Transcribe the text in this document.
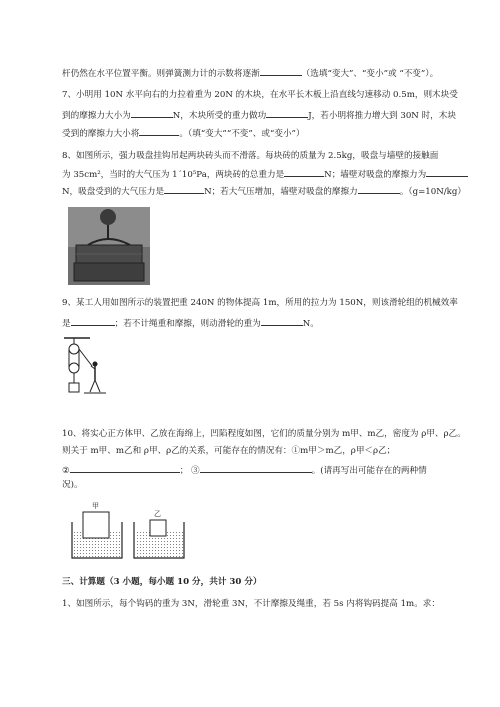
杆仍然在水平位置平衡。则弹簧测力计的示数将逐渐	（选填“变大”、“变小”或 “不变”）。
7、小明用 10N 水平向右的力拉着重为 20N 的木块，在水平长木板上沿直线匀速移动 0.5m，则木块受
到的摩擦力大小为	N，木块所受的重力做功	J，若小明将推力增大到 30N 时，木块
受到的摩擦力大小将	。（填“变大”“不变”、或“变小”）
8、如图所示，强力吸盘挂钩吊起两块砖头而不滑落。每块砖的质量为 2.5kg，吸盘与墙壁的接触面
为 35cm²，当时的大气压为 1´10⁵Pa，两块砖的总重力是	N；墙壁对吸盘的摩擦力为
N，吸盘受到的大气压力是	N；若大气压增加，墙壁对吸盘的摩擦力	。（g=10N/kg）
9、某工人用如图所示的装置把重 240N 的物体提高 1m，所用的拉力为 150N，则该滑轮组的机械效率
是	；若不计绳重和摩擦，则动滑轮的重为	N。
10、将实心正方体甲、乙放在海绵上，凹陷程度如图，它们的质量分别为 m甲、m乙，密度为 ρ甲、ρ乙。
则关于 m甲、m乙和 ρ甲、ρ乙的关系，可能存在的情况有：①m甲＞m乙，ρ甲＜ρ乙；
②	； ③	。(请再写出可能存在的两种情
况)。
甲
乙
三、计算题（3 小题，每小题 10 分，共计 30 分）
1、如图所示，每个钩码的重为 3N，滑轮重 3N，不计摩擦及绳重，若 5s 内将钩码提高 1m。求：
